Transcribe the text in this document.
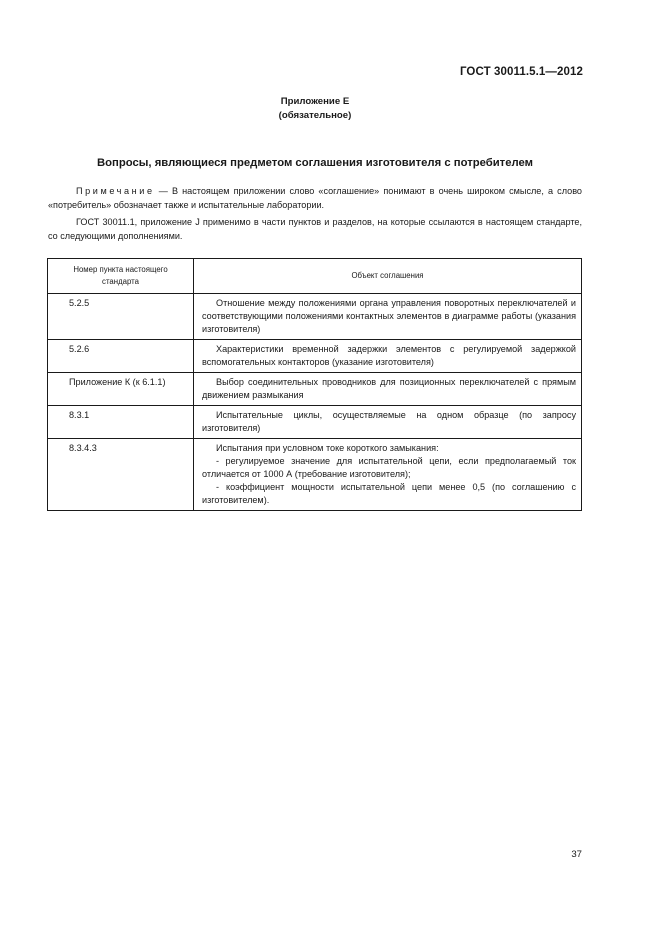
ГОСТ 30011.5.1—2012
Приложение Е
(обязательное)
Вопросы, являющиеся предметом соглашения изготовителя с потребителем
Примечание — В настоящем приложении слово «соглашение» понимают в очень широком смысле, а слово «потребитель» обозначает также и испытательные лаборатории.
ГОСТ 30011.1, приложение J применимо в части пунктов и разделов, на которые ссылаются в настоящем стандарте, со следующими дополнениями.
Номер пункта настоящего стандарта	Объект соглашения
5.2.5	Отношение между положениями органа управления поворотных переключателей и соответствующими положениями контактных элементов в диаграмме работы (указания изготовителя)

5.2.6	Характеристики временной задержки элементов с регулируемой задержкой вспомогательных контакторов (указание изготовителя)

Приложение К (к 6.1.1)	Выбор соединительных проводников для позиционных переключателей с прямым движением размыкания

8.3.1	Испытательные циклы, осуществляемые на одном образце (по запросу изготовителя)

8.3.4.3	Испытания при условном токе короткого замыкания:
- регулируемое значение для испытательной цепи, если предполагаемый ток отличается от 1000 А (требование изготовителя);
- коэффициент мощности испытательной цепи менее 0,5 (по соглашению с изготовителем).
37
